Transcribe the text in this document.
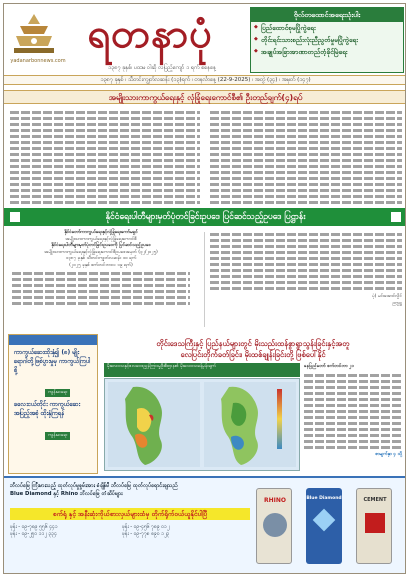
yadanarbonnews.com
ရတနာပုံ
၁၃၈၇ ခုနှစ်၊ ပထမ ဝါဆို လပြည့်ကျော် ၁ ရက် စနေနေ့
၁၃၈၇ ခုနှစ် ၊ သီတင်းကျွတ်လဆန်း (၁၃)ရက် ၊ တနင်္လာနေ့ (22-9-2025) ၊ အတွဲ (၃၄) ၊ အမှတ် (၁၄၇)
ဗိုလ်တထောင်အရေးသုံးပါး
◆ ပြည်ထောင်စုမပြိုကွဲရေး
◆ တိုင်းရင်းသားစည်းလုံးညီညွတ်မှုမပြိုကွဲရေး
◆ အချုပ်အခြာအာဏာတည်တံ့ခိုင်မြဲရေး
အမျိုးသားကာကွယ်ရေးနှင့် လုံခြုံရေးကောင်စီ၏ ဦးတည်ချက်(၄)ရပ်
နိုင်ငံရေးပါတီများမှတ်ပုံတင်ခြင်းဥပဒေ ပြင်ဆင်သည့်ဥပဒေ ပြဋ္ဌာန်း
နိုင်ငံတော်ကာကွယ်ရေးနှင့်လုံခြုံရေးကော်မရှင်
အမျိုးသားကာကွယ်ရေးနှင့်လုံခြုံရေးကောင်စီ
နိုင်ငံရေးပါတီများမှတ်ပုံတင်ခြင်းဥပဒေကို ပြင်ဆင်သည့်ဥပဒေ
အမျိုးသားကာကွယ်ရေးနှင့်လုံခြုံရေးကောင်စီဥပဒေအမှတ် (၃၂/၂၀၂၅)
၁၃၈၇ ခုနှစ် သီတင်းကျွတ်လဆန်း ၁၀ ရက်
(၂၀၂၅ ခုနှစ် စက်တင်ဘာလ ၁၉ ရက်)
ပုံ) မင်းအောင်လှိုင်
ဥက္ကဋ္ဌ
ကာကွယ်ဆေးထိုးနှံ၍ (၈) မျိုးရောဂါတို့ဖြစ်ပွားမှုမှ ကာကွယ်ကြပါစို့
ကျန်းမာရေး
ခလေးငယ်တိုင်း ကာကွယ်ဆေး အပြည့်အစုံ ထိုးနှံကြရန်
ကျန်းမာရေး
တိုင်းဒေသကြီးနှင့် ပြည်နယ်များတွင် မိုးသည်းထန်စွာရွာသွန်းခြင်းနှင့်အတူ
လေပြင်းတိုက်ခတ်ခြင်း၊ မိုးထစ်ချုန်းခြင်းတို့ ဖြစ်ပေါ်နိုင်
မိုးလေဝသနှင့်ဇလဗေဒညွှန်ကြားမှုဦးစီးဌာန၏ မိုးလေဝသခန့်မှန်းချက်	နေပြည်တော် စက်တင်ဘာ ၂၁
စာမျက်နှာ ၄ သို့
ဘိလပ်မြေ ကြီးမားသည့် ထုတ်လုပ်မှုစွမ်းအား စံချိန်မီ ဘိလပ်မြေ ထုတ်လုပ်ရောင်းချသည်
Blue Diamond နှင့် Rhino ဘိလပ်မြေ တံဆိပ်များ
စက်ရုံ နှင့် အနီးဆုံးကိုယ်စားလှယ်များထံမှ တိုက်ရိုက်ဝယ်ယူနိုင်ပါပြီ
ဖုန်း - ၀၉-၇၈၉ ၅၅၆ ၄၄၁	ဖုန်း - ၀၉-၄၅၆ ၇၈၉ ၀၁၂ ဖုန်း - ၀၉-၂၅၀ ၁၁၂ ၃၃၄	ဖုန်း - ၀၉-၇၇၈ ၈၉၀ ၁၂၃
RHINO	Blue Diamond	CEMENT
